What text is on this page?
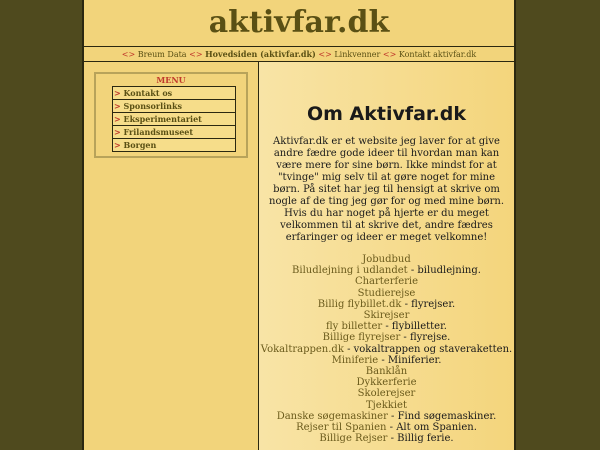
aktivfar.dk
<> Breum Data <> Hovedsiden (aktivfar.dk) <> Linkvenner <> Kontakt aktivfar.dk
MENU
> Kontakt os
> Sponsorlinks
> Eksperimentariet
> Frilandsmuseet
> Borgen
Om Aktivfar.dk
Aktivfar.dk er et website jeg laver for at give andre fædre gode ideer til hvordan man kan være mere for sine børn. Ikke mindst for at "tvinge" mig selv til at gøre noget for mine børn. På sitet har jeg til hensigt at skrive om nogle af de ting jeg gør for og med mine børn. Hvis du har noget på hjerte er du meget velkommen til at skrive det, andre fædres erfaringer og ideer er meget velkomne!
Jobudbud
Biludlejning i udlandet - biludlejning.
Charterferie
Studierejse
Billig flybillet.dk - flyrejser.
Skirejser
fly billetter - flybilletter.
Billige flyrejser - flyrejse.
Vokaltrappen.dk - vokaltrappen og staveraketten.
Miniferie - Miniferier.
Banklån
Dykkerferie
Skolerejser
Tjekkiet
Danske søgemaskiner - Find søgemaskiner.
Rejser til Spanien - Alt om Spanien.
Billige Rejser - Billig ferie.
